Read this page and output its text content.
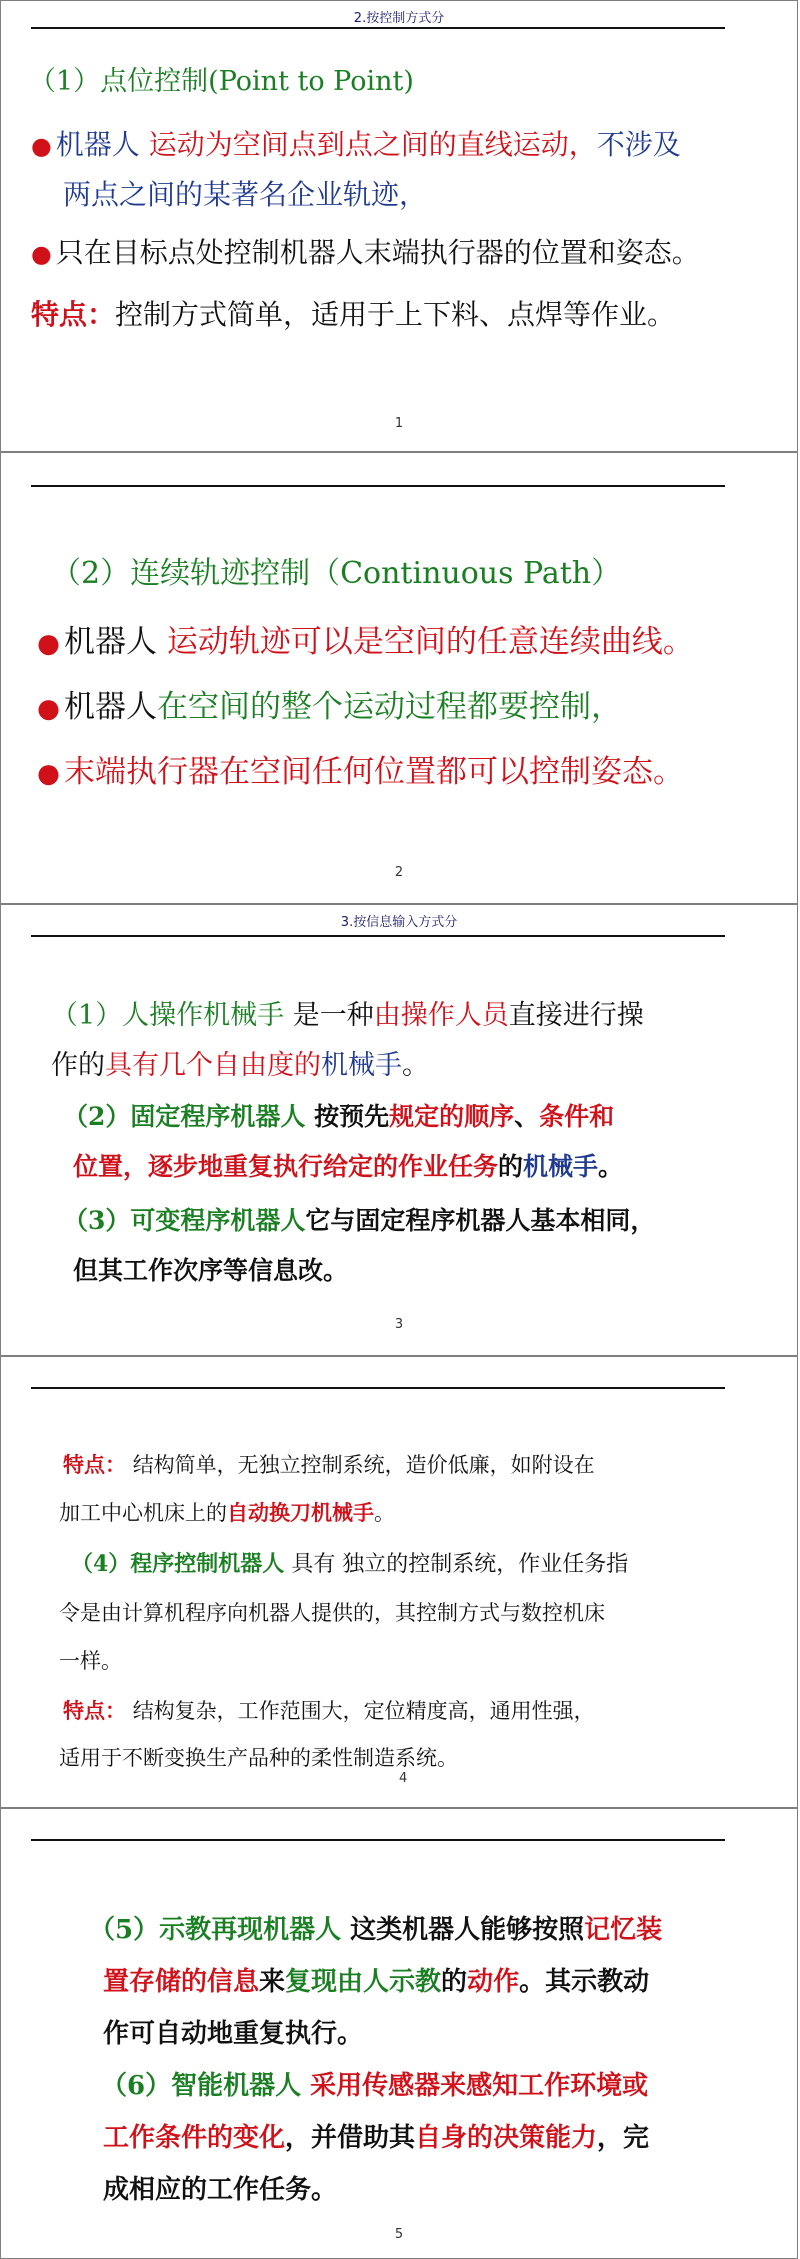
2.按控制方式分
（1）点位控制(Point to Point)
● 机器人 运动为空间点到点之间的直线运动，不涉及
两点之间的某著名企业轨迹，
● 只在目标点处控制机器人末端执行器的位置和姿态。
特点：控制方式简单，适用于上下料、点焊等作业。
1
（2）连续轨迹控制（Continuous Path）
● 机器人 运动轨迹可以是空间的任意连续曲线。
● 机器人在空间的整个运动过程都要控制，
● 末端执行器在空间任何位置都可以控制姿态。
2
3.按信息输入方式分
（1）人操作机械手 是一种由操作人员直接进行操
作的具有几个自由度的机械手。
（2）固定程序机器人 按预先规定的顺序、条件和
位置，逐步地重复执行给定的作业任务的机械手。
（3）可变程序机器人它与固定程序机器人基本相同，
但其工作次序等信息改。
3
特点： 结构简单，无独立控制系统，造价低廉，如附设在
加工中心机床上的自动换刀机械手。
（4）程序控制机器人 具有 独立的控制系统，作业任务指
令是由计算机程序向机器人提供的，其控制方式与数控机床
一样。
特点： 结构复杂，工作范围大，定位精度高，通用性强，
适用于不断变换生产品种的柔性制造系统。
4
（5）示教再现机器人 这类机器人能够按照记忆装
置存储的信息来复现由人示教的动作。其示教动
作可自动地重复执行。
（6）智能机器人 采用传感器来感知工作环境或
工作条件的变化，并借助其自身的决策能力，完
成相应的工作任务。
5
